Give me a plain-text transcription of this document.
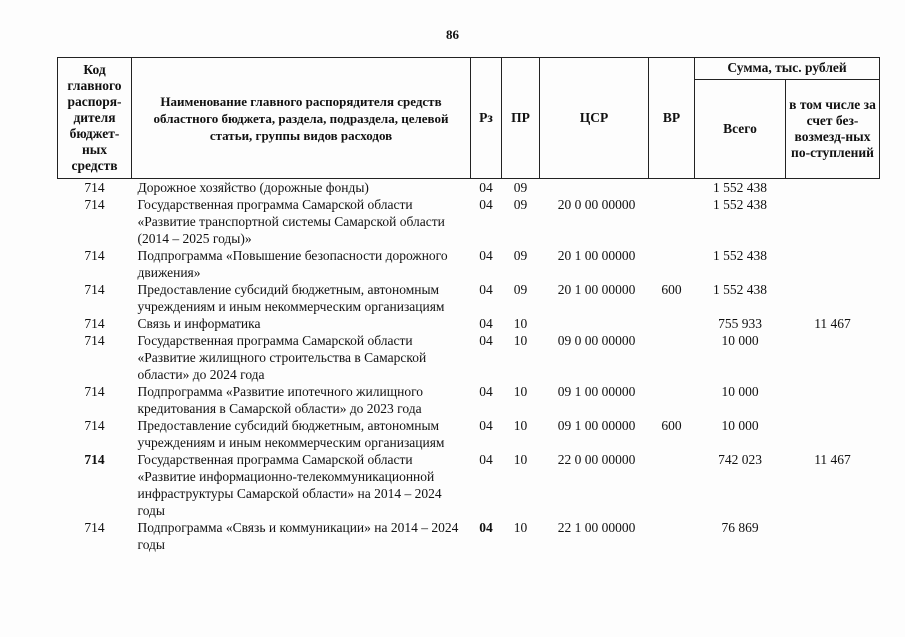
86
Код главного распоря-дителя бюджет-ных средств	Наименование главного распорядителя средств областного бюджета, раздела, подраздела, целевой статьи, группы видов расходов	Рз	ПР	ЦСР	ВР	Сумма, тыс. рублей	
						Всего	в том числе за счет без-возмезд-ных по-ступлений
714	Дорожное хозяйство (дорожные фонды)	04	09			1 552 438	
714	Государственная программа Самарской области «Развитие транспортной системы Самарской области (2014 – 2025 годы)»	04	09	20 0 00 00000		1 552 438	
714	Подпрограмма «Повышение безопасности дорожного движения»	04	09	20 1 00 00000		1 552 438	
714	Предоставление субсидий бюджетным, автономным учреждениям и иным некоммерческим организациям	04	09	20 1 00 00000	600	1 552 438	
714	Связь и информатика	04	10			755 933	11 467
714	Государственная программа Самарской области «Развитие жилищного строительства в Самарской области» до 2024 года	04	10	09 0 00 00000		10 000	
714	Подпрограмма «Развитие ипотечного жилищного кредитования в Самарской области» до 2023 года	04	10	09 1 00 00000		10 000	
714	Предоставление субсидий бюджетным, автономным учреждениям и иным некоммерческим организациям	04	10	09 1 00 00000	600	10 000	
714	Государственная программа Самарской области «Развитие информационно-телекоммуникационной инфраструктуры Самарской области» на 2014 – 2024 годы	04	10	22 0 00 00000		742 023	11 467
714	Подпрограмма «Связь и коммуникации» на 2014 – 2024 годы	04	10	22 1 00 00000		76 869	
